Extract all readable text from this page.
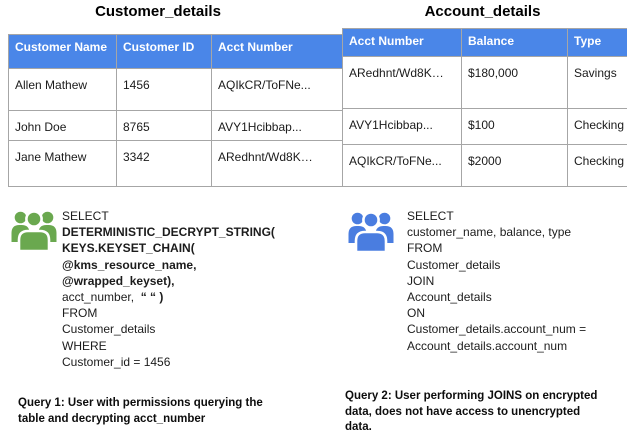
Customer_details	Account_details
Customer Name	Customer ID	Acct Number
Allen Mathew	1456	AQIkCR/ToFNe...
John Doe	8765	AVY1Hcibbap...
Jane Mathew	3342	ARedhnt/Wd8K…
Acct Number	Balance	Type
ARedhnt/Wd8K…	$180,000	Savings
AVY1Hcibbap...	$100	Checking
AQIkCR/ToFNe...	$2000	Checking
SELECT
DETERMINISTIC_DECRYPT_STRING(
KEYS.KEYSET_CHAIN(
@kms_resource_name,
@wrapped_keyset),
acct_number,  “ “ )
FROM
Customer_details
WHERE
Customer_id = 1456
SELECT
customer_name, balance, type
FROM
Customer_details
JOIN
Account_details
ON
Customer_details.account_num =
Account_details.account_num
Query 1: User with permissions querying the
table and decrypting acct_number
Query 2: User performing JOINS on encrypted
data, does not have access to unencrypted
data.
